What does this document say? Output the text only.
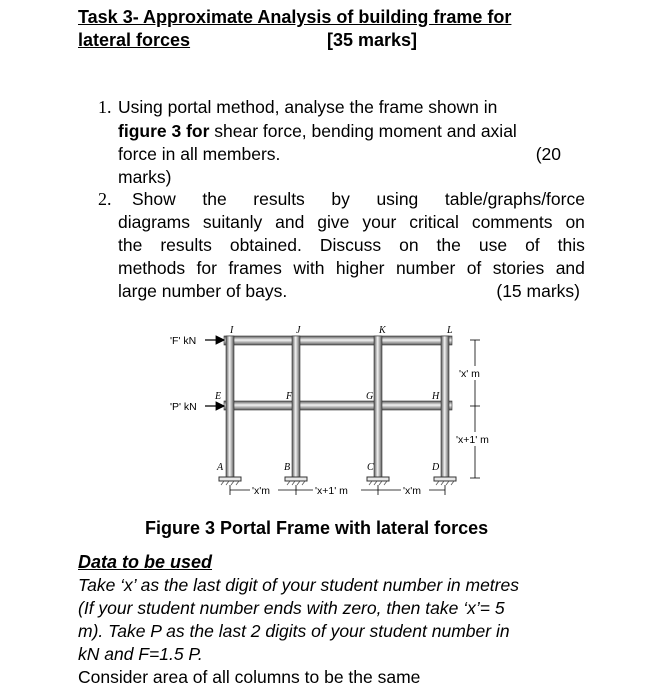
Task 3- Approximate Analysis of building frame for
lateral forces	[35 marks]
1. Using portal method, analyse the frame shown in
figure 3 for shear force, bending moment and axial
force in all members.	(20
marks)
2. Show the results by using table/graphs/force
diagrams suitanly and give your critical comments on
the results obtained. Discuss on the use of this
methods for frames with higher number of stories and
large number of bays.	(15 marks)
'F' kN
'P' kN
I	J	K	L
E	F	G	H
A	B	C	D
'x' m
'x+1' m
'x'm	'x+1' m	'x'm
Figure 3 Portal Frame with lateral forces
Data to be used
Take ‘x’ as the last digit of your student number in metres
(If your student number ends with zero, then take ‘x’= 5
m). Take P as the last 2 digits of your student number in
kN and F=1.5 P.
Consider area of all columns to be the same
